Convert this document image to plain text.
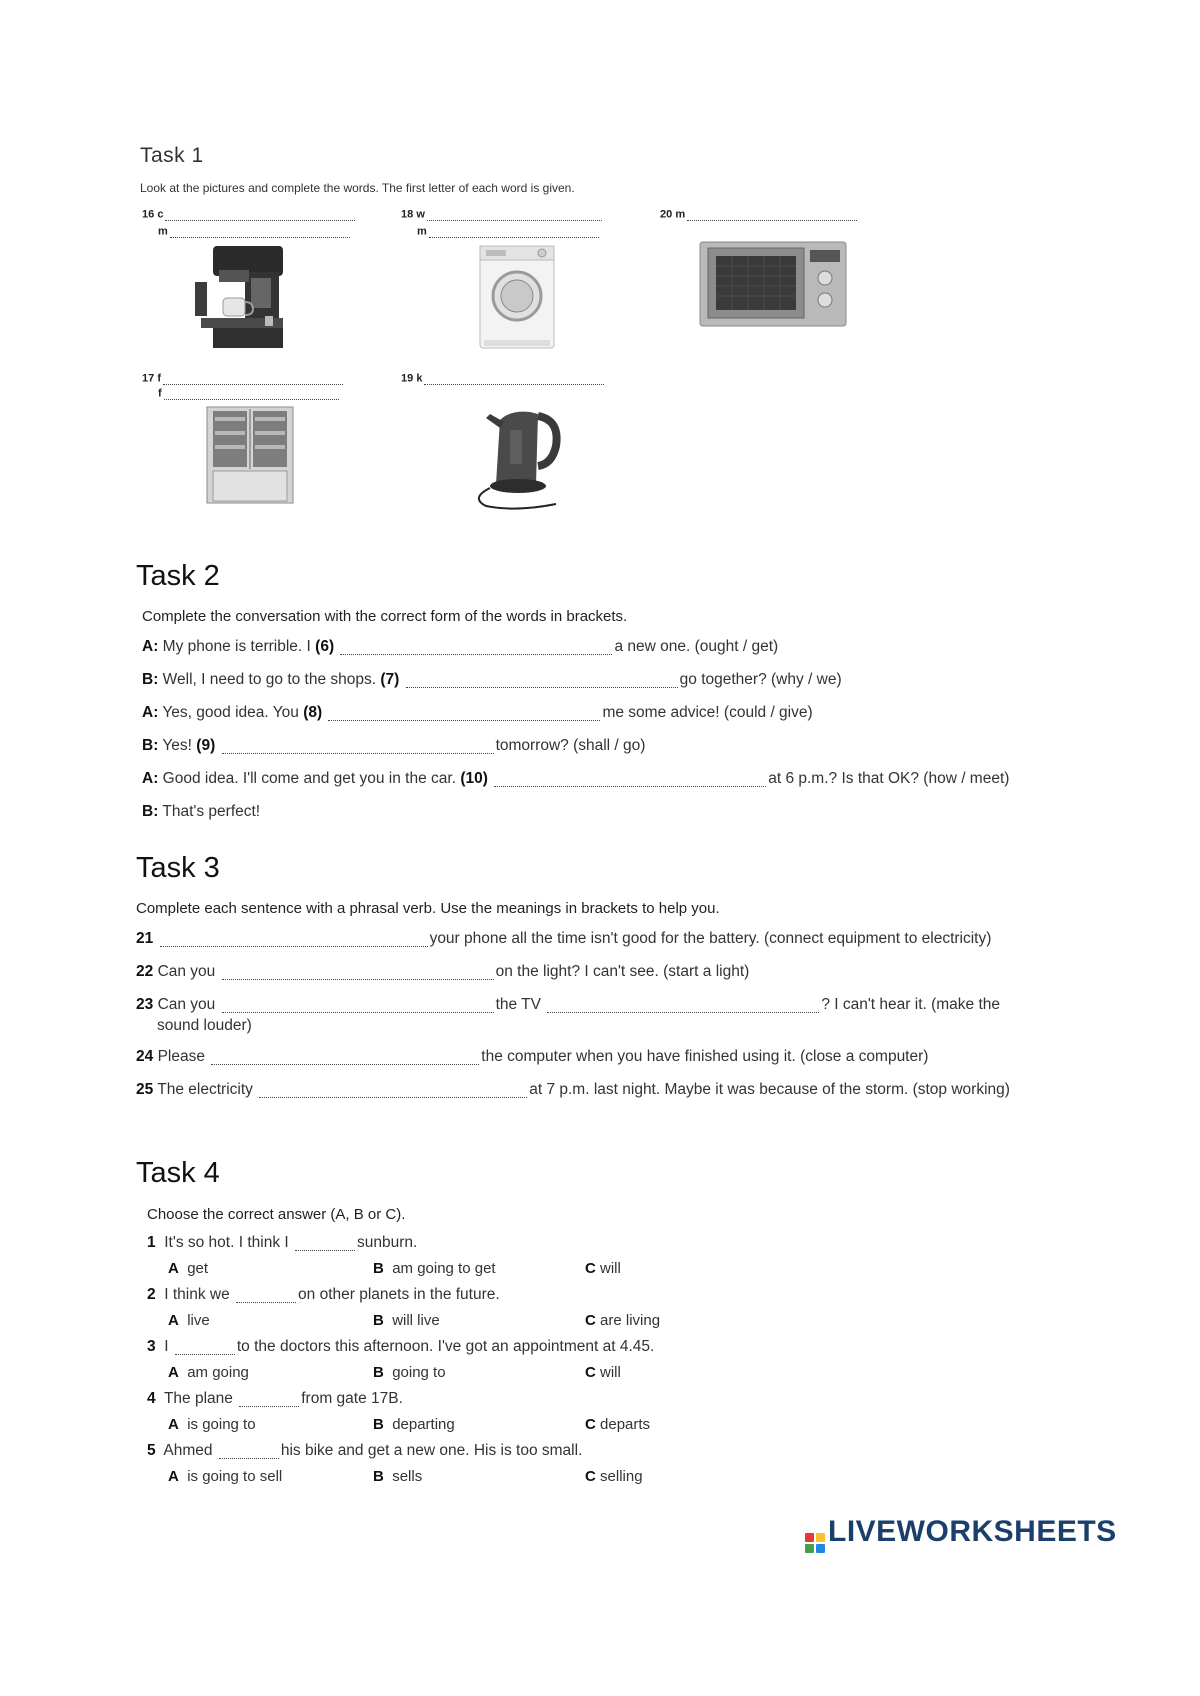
Task 1
Look at the pictures and complete the words. The first letter of each word is given.
16 c
m
18 w
m
20 m
17 f
f
19 k
Task 2
Complete the conversation with the correct form of the words in brackets.
A: My phone is terrible. I (6)	a new one. (ought / get)
B: Well, I need to go to the shops. (7)	go together? (why / we)
A: Yes, good idea. You (8)	me some advice! (could / give)
B: Yes! (9)	tomorrow? (shall / go)
A: Good idea. I'll come and get you in the car. (10)	at 6 p.m.? Is that OK? (how / meet)
B: That's perfect!
Task 3
Complete each sentence with a phrasal verb. Use the meanings in brackets to help you.
21	your phone all the time isn't good for the battery. (connect equipment to electricity)
22 Can you	on the light? I can't see. (start a light)
23 Can you	the TV	? I can't hear it. (make the
sound louder)
24 Please	the computer when you have finished using it. (close a computer)
25 The electricity	at 7 p.m. last night. Maybe it was because of the storm. (stop working)
Task 4
Choose the correct answer (A, B or C).
1 It's so hot. I think I	sunburn.
A get	B am going to get	C will
2 I think we	on other planets in the future.
A live	B will live	C are living
3 I	to the doctors this afternoon. I've got an appointment at 4.45.
A am going	B going to	C will
4 The plane	from gate 17B.
A is going to	B departing	C departs
5 Ahmed	his bike and get a new one. His is too small.
A is going to sell	B sells	C selling
LIVEWORKSHEETS
